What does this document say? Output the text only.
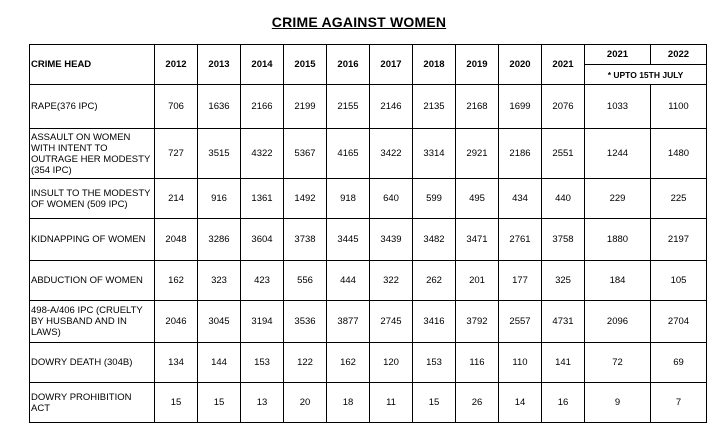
CRIME AGAINST WOMEN
CRIME HEAD	2012	2013	2014	2015	2016	2017	2018	2019	2020	2021	2021	2022
											* UPTO 15TH JULY	
RAPE(376 IPC)	706	1636	2166	2199	2155	2146	2135	2168	1699	2076	1033	1100
ASSAULT ON WOMEN WITH INTENT TO OUTRAGE HER MODESTY (354 IPC)	727	3515	4322	5367	4165	3422	3314	2921	2186	2551	1244	1480
INSULT TO THE MODESTY OF WOMEN (509 IPC)	214	916	1361	1492	918	640	599	495	434	440	229	225
KIDNAPPING OF WOMEN	2048	3286	3604	3738	3445	3439	3482	3471	2761	3758	1880	2197
ABDUCTION OF WOMEN	162	323	423	556	444	322	262	201	177	325	184	105
498-A/406 IPC (CRUELTY BY HUSBAND AND IN LAWS)	2046	3045	3194	3536	3877	2745	3416	3792	2557	4731	2096	2704
DOWRY DEATH (304B)	134	144	153	122	162	120	153	116	110	141	72	69
DOWRY PROHIBITION ACT	15	15	13	20	18	11	15	26	14	16	9	7
